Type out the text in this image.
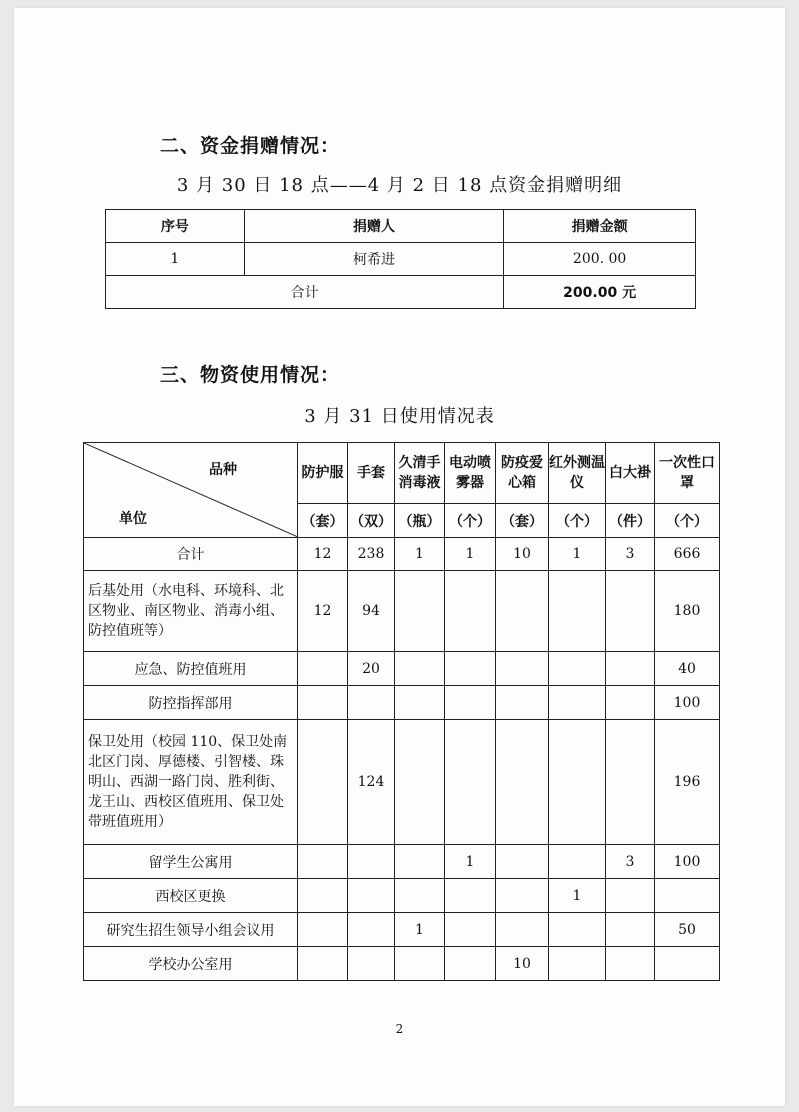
二、资金捐赠情况：
3 月 30 日 18 点——4 月 2 日 18 点资金捐赠明细
序号	捐赠人	捐赠金额
1	柯希进	200. 00
合计		200.00 元
三、物资使用情况：
3 月 31 日使用情况表
品种
单位	防护服	手套	久清手消毒液	电动喷雾器	防疫爱心箱	红外测温仪	白大褂	一次性口罩
	（套）	（双）	（瓶）	（个）	（套）	（个）	（件）	（个）
合计	12	238	1	1	10	1	3	666
后基处用（水电科、环境科、北区物业、南区物业、消毒小组、防控值班等）	12	94						180
应急、防控值班用		20						40
防控指挥部用								100
保卫处用（校园 110、保卫处南北区门岗、厚德楼、引智楼、珠明山、西湖一路门岗、胜利街、龙王山、西校区值班用、保卫处带班值班用）		124						196
留学生公寓用				1			3	100
西校区更换						1		
研究生招生领导小组会议用			1					50
学校办公室用					10			
2
